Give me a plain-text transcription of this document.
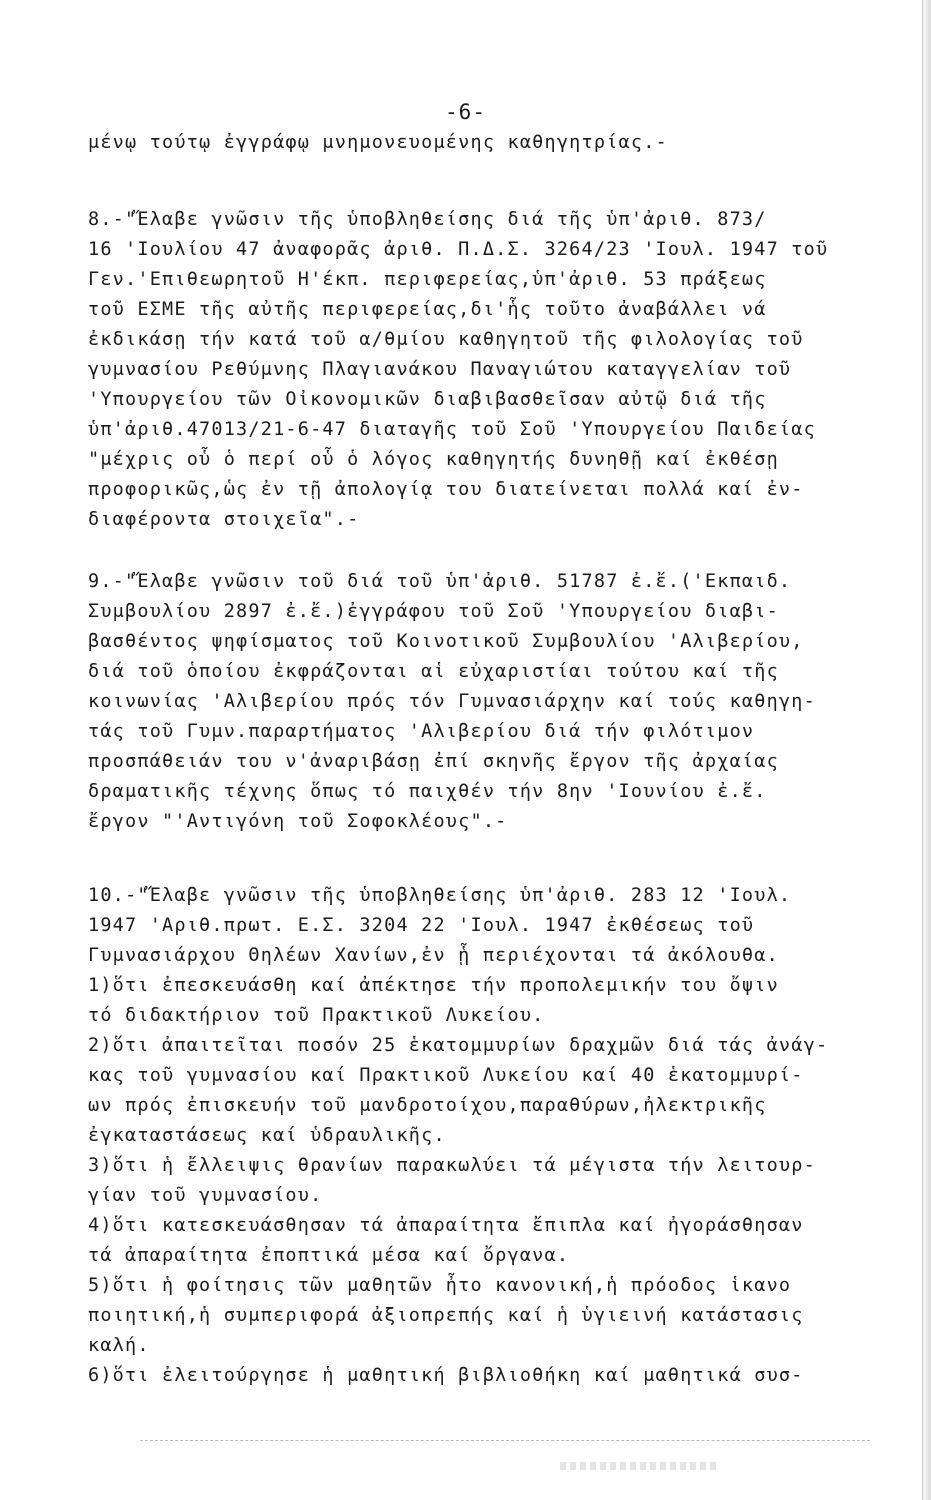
-6-
μένῳ τούτῳ ἐγγράφῳ μνημονευομένης καθηγητρίας.-
8.-"Ἔλαβε γνῶσιν τῆς ὑποβληθείσης διά τῆς ὑπ'ἀριθ. 873/
16 'Ιουλίου 47 ἀναφορᾶς ἀριθ. Π.Δ.Σ. 3264/23 'Ιουλ. 1947 τοῦ
Γεν.'Επιθεωρητοῦ Η'έκπ. περιφερείας,ὑπ'ἀριθ. 53 πράξεως
τοῦ ΕΣΜΕ τῆς αὐτῆς περιφερείας,δι'ἧς τοῦτο ἀναβάλλει νά
ἐκδικάσῃ τήν κατά τοῦ α/θμίου καθηγητοῦ τῆς φιλολογίας τοῦ
γυμνασίου Ρεθύμνης Πλαγιανάκου Παναγιώτου καταγγελίαν τοῦ
'Υπουργείου τῶν Οἰκονομικῶν διαβιβασθεῖσαν αὐτῷ διά τῆς
ὑπ'ἀριθ.47013/21-6-47 διαταγῆς τοῦ Σοῦ 'Υπουργείου Παιδείας
"μέχρις οὗ ὁ περί οὗ ὁ λόγος καθηγητής δυνηθῇ καί ἐκθέσῃ
προφορικῶς,ὡς ἐν τῇ ἀπολογίᾳ του διατείνεται πολλά καί ἐν-
διαφέροντα στοιχεῖα".-
9.-"Ἔλαβε γνῶσιν τοῦ διά τοῦ ὑπ'ἀριθ. 51787 ἐ.ἔ.('Εκπαιδ.
Συμβουλίου 2897 ἐ.ἔ.)ἐγγράφου τοῦ Σοῦ 'Υπουργείου διαβι-
βασθέντος ψηφίσματος τοῦ Κοινοτικοῦ Συμβουλίου 'Αλιβερίου,
διά τοῦ ὁποίου ἐκφράζονται αἱ εὐχαριστίαι τούτου καί τῆς
κοινωνίας 'Αλιβερίου πρός τόν Γυμνασιάρχην καί τούς καθηγη-
τάς τοῦ Γυμν.παραρτήματος 'Αλιβερίου διά τήν φιλότιμον
προσπάθειάν του ν'ἀναριβάσῃ ἐπί σκηνῆς ἔργον τῆς ἀρχαίας
δραματικῆς τέχνης ὅπως τό παιχθέν τήν 8ην 'Ιουνίου ἐ.ἔ.
ἔργον "'Αντιγόνη τοῦ Σοφοκλέους".-
10.-"Ἔλαβε γνῶσιν τῆς ὑποβληθείσης ὑπ'ἀριθ. 283 12 'Ιουλ.
1947 'Αριθ.πρωτ. Ε.Σ. 3204 22 'Ιουλ. 1947 ἐκθέσεως τοῦ
Γυμνασιάρχου Θηλέων Χανίων,ἐν ᾗ περιέχονται τά ἀκόλουθα.
1)ὅτι ἐπεσκευάσθη καί ἀπέκτησε τήν προπολεμικήν του ὄψιν
τό διδακτήριον τοῦ Πρακτικοῦ Λυκείου.
2)ὅτι ἀπαιτεῖται ποσόν 25 ἑκατομμυρίων δραχμῶν διά τάς ἀνάγ-
κας τοῦ γυμνασίου καί Πρακτικοῦ Λυκείου καί 40 ἑκατομμυρί-
ων πρός ἐπισκευήν τοῦ μανδροτοίχου,παραθύρων,ἠλεκτρικῆς
ἐγκαταστάσεως καί ὑδραυλικῆς.
3)ὅτι ἡ ἔλλειψις θρανίων παρακωλύει τά μέγιστα τήν λειτουρ-
γίαν τοῦ γυμνασίου.
4)ὅτι κατεσκευάσθησαν τά ἀπαραίτητα ἔπιπλα καί ἠγοράσθησαν
τά ἀπαραίτητα ἐποπτικά μέσα καί ὄργανα.
5)ὅτι ἡ φοίτησις τῶν μαθητῶν ἦτο κανονική,ἡ πρόοδος ἱκανο
ποιητική,ἡ συμπεριφορά ἀξιοπρεπής καί ἡ ὑγιεινή κατάστασις
καλή.
6)ὅτι ἐλειτούργησε ἡ μαθητική βιβλιοθήκη καί μαθητικά συσ-
